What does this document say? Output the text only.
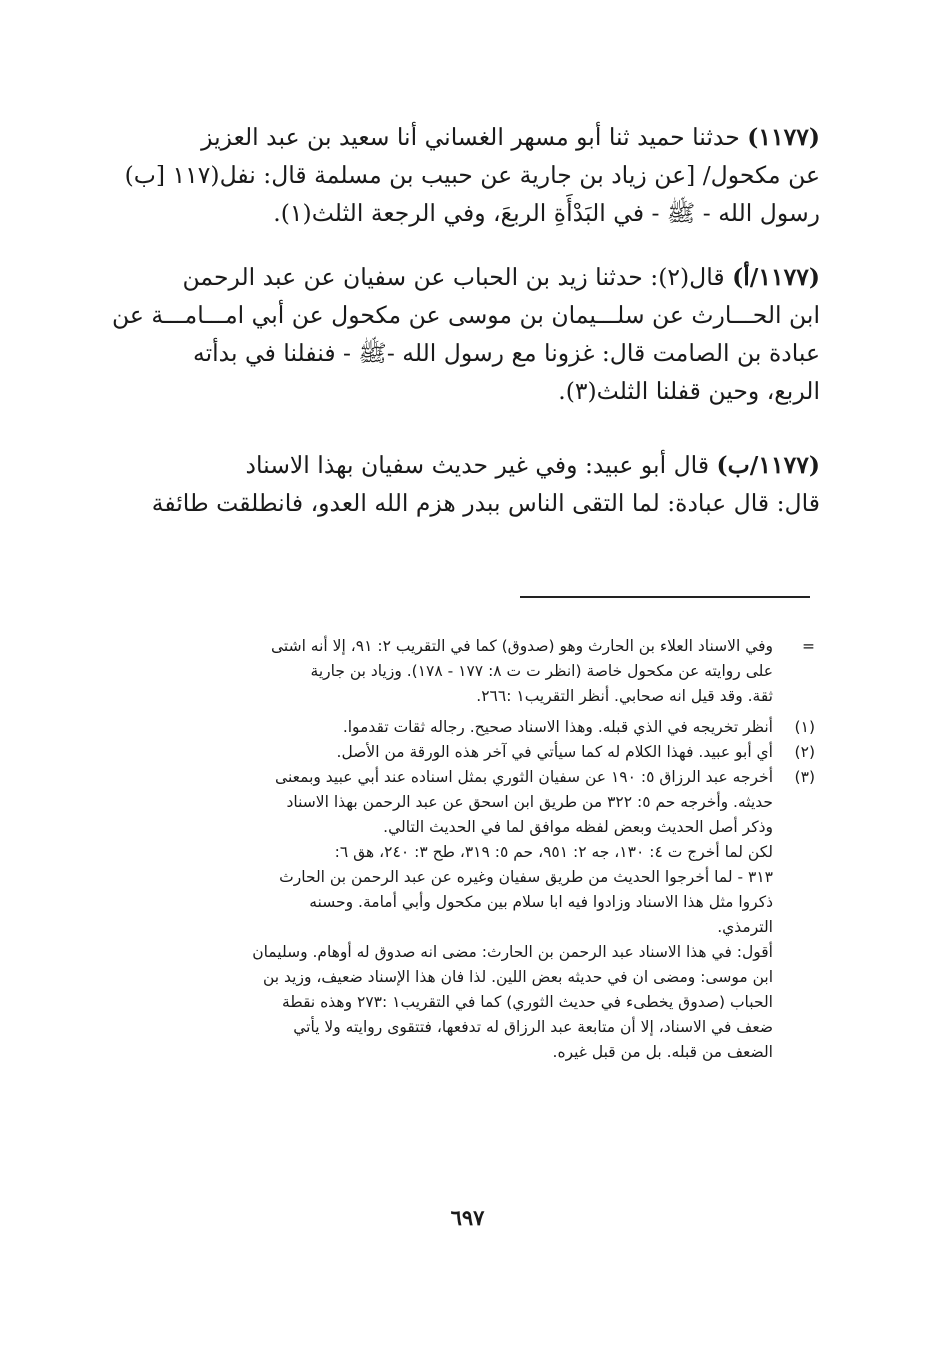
(١١٧٧) حدثنا حميد ثنا أبو مسهر الغساني أنا سعيد بن عبد العزيز

عن مكحول/ [عن زياد بن جارية عن حبيب بن مسلمة قال: نفل(١١٧ [ب)

رسول الله - ﷺ - في البَدْأَةِ الربعَ، وفي الرجعة الثلث(١).

(١١٧٧/أ) قال(٢): حدثنا زيد بن الحباب عن سفيان عن عبد الرحمن

ابن الحـــارث عن سلـــيمان بن موسى عن مكحول عن أبي امـــامـــة عن

عبادة بن الصامت قال: غزونا مع رسول الله -ﷺ - فنفلنا في بدأته

الربع، وحين قفلنا الثلث(٣).

(١١٧٧/ب) قال أبو عبيد: وفي غير حديث سفيان بهذا الاسناد

قال: قال عبادة: لما التقى الناس ببدر هزم الله العدو، فانطلقت طائفة

=
وفي الاسناد العلاء بن الحارث وهو (صدوق) كما في التقريب ٢: ٩١، إلا أنه اشتى
على روايته عن مكحول خاصة (انظر ت ت ٨: ١٧٧ - ١٧٨). وزياد بن جارية
ثقة. وقد قيل انه صحابي. أنظر التقريب١ :٢٦٦.
(١)
أنظر تخريجه في الذي قبله. وهذا الاسناد صحيح. رجاله ثقات تقدموا.
(٢)
أي أبو عبيد. فهذا الكلام له كما سيأتي في آخر هذه الورقة من الأصل.
(٣)
أخرجه عبد الرزاق ٥: ١٩٠ عن سفيان الثوري بمثل اسناده عند أبي عبيد وبمعنى
حديثه. وأخرجه حم ٥: ٣٢٢ من طريق ابن اسحق عن عبد الرحمن بهذا الاسناد
وذكر أصل الحديث وبعض لفظه موافق لما في الحديث التالي.
لكن لما أخرج ت ٤: ١٣٠، جه ٢: ٩٥١، حم ٥: ٣١٩، طح ٣: ٢٤٠، هق ٦:
٣١٣ - لما أخرجوا الحديث من طريق سفيان وغيره عن عبد الرحمن بن الحارث
ذكروا مثل هذا الاسناد وزادوا فيه ابا سلام بين مكحول وأبي أمامة. وحسنه
الترمذي.
أقول: في هذا الاسناد عبد الرحمن بن الحارث: مضى انه صدوق له أوهام. وسليمان
ابن موسى: ومضى ان في حديثه بعض اللين. لذا فان هذا الإسناد ضعيف، وزيد بن
الحباب (صدوق يخطىء في حديث الثوري) كما في التقريب١ :٢٧٣ وهذه نقطة
ضعف في الاسناد، إلا أن متابعة عبد الرزاق له تدفعها، فتتقوى روايته ولا يأتي
الضعف من قبله. بل من قبل غيره.
٦٩٧
